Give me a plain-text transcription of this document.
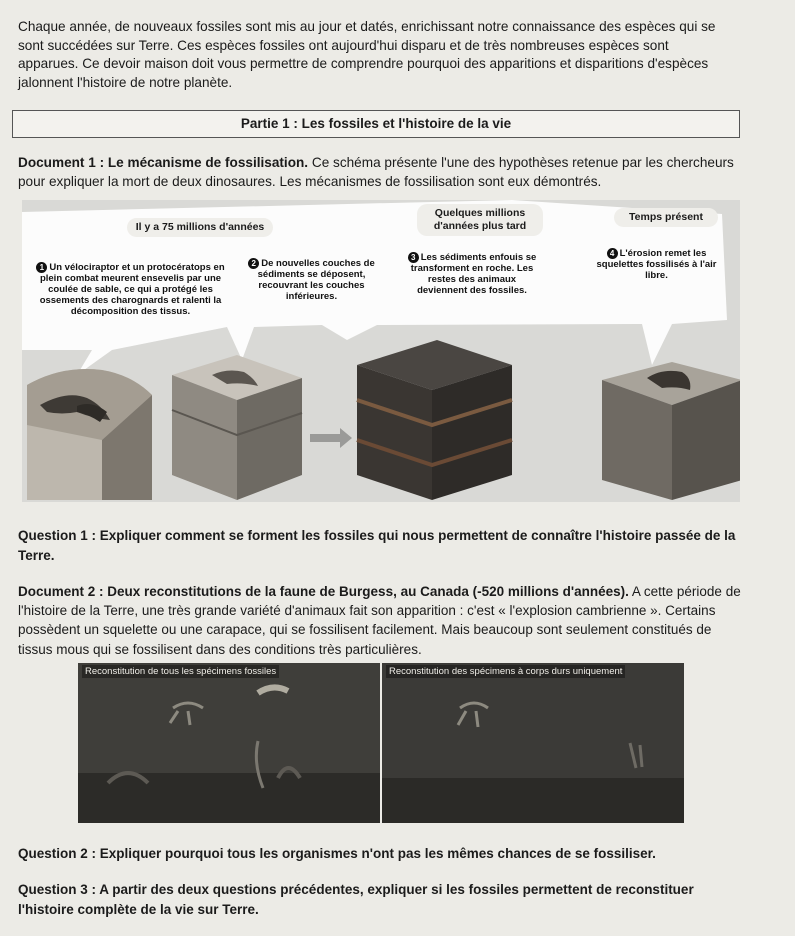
Chaque année, de nouveaux fossiles sont mis au jour et datés, enrichissant notre connaissance des espèces qui se sont succédées sur Terre. Ces espèces fossiles ont aujourd'hui disparu et de très nombreuses espèces sont apparues. Ce devoir maison doit vous permettre de comprendre pourquoi des apparitions et disparitions d'espèces jalonnent l'histoire de notre planète.
Partie 1 : Les fossiles et l'histoire de la vie
Document 1 : Le mécanisme de fossilisation. Ce schéma présente l'une des hypothèses retenue par les chercheurs pour expliquer la mort de deux dinosaures. Les mécanismes de fossilisation sont eux démontrés.
Il y a 75 millions d'années
Quelques millions
d'années plus tard
Temps présent
1 Un vélociraptor et un protocératops en plein combat meurent ensevelis par une coulée de sable, ce qui a protégé les ossements des charognards et ralenti la décomposition des tissus.
2 De nouvelles couches de sédiments se déposent, recouvrant les couches inférieures.
3 Les sédiments enfouis se transforment en roche. Les restes des animaux deviennent des fossiles.
4 L'érosion remet les squelettes fossilisés à l'air libre.
Question 1 : Expliquer comment se forment les fossiles qui nous permettent de connaître l'histoire passée de la Terre.
Document 2 : Deux reconstitutions de la faune de Burgess, au Canada (-520 millions d'années). A cette période de l'histoire de la Terre, une très grande variété d'animaux fait son apparition : c'est « l'explosion cambrienne ». Certains possèdent un squelette ou une carapace, qui se fossilisent facilement. Mais beaucoup sont seulement constitués de tissus mous qui se fossilisent dans des conditions très particulières.
Reconstitution de tous les spécimens fossiles	Reconstitution des spécimens à corps durs uniquement
Question 2 : Expliquer pourquoi tous les organismes n'ont pas les mêmes chances de se fossiliser.
Question 3 : A partir des deux questions précédentes, expliquer si les fossiles permettent de reconstituer l'histoire complète de la vie sur Terre.
